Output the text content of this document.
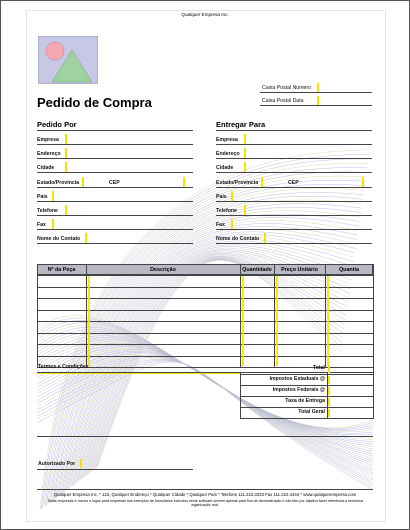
Qualquer Empresa Inc.
Pedido de Compra
Caixa Postal Número
Caixa Postal Data
Pedido Por	Entregar Para
Empresa
Endereço
Cidade
Estado/Província	CEP
País
Telefone
Fax
Nome do Contato
Empresa
Endereço
Cidade
Estado/Província	CEP
País
Telefone
Fax
Nome do Contato
Nº da Peça	Descrição	Quantidade	Preço Unitário	Quantia
Termos e Condições	Total
Impostos Estaduais @
Impostos Federais @
Taxa de Entrega
Total Geral
Autorizado Por
Qualquer Empresa Inc. * 123, Qualquer Endereço * Qualquer Cidade * Qualquer País * Telefone 111.222.3333 Fax 111.222.4444 * www.qualquerempresa.com
Todas empresas e nomes e logos para empresas nos exemplos de formulários incluídos neste software servem apenas para fins de demonstração e não têm por objetivo fazer referência a nenhuma organização real.
